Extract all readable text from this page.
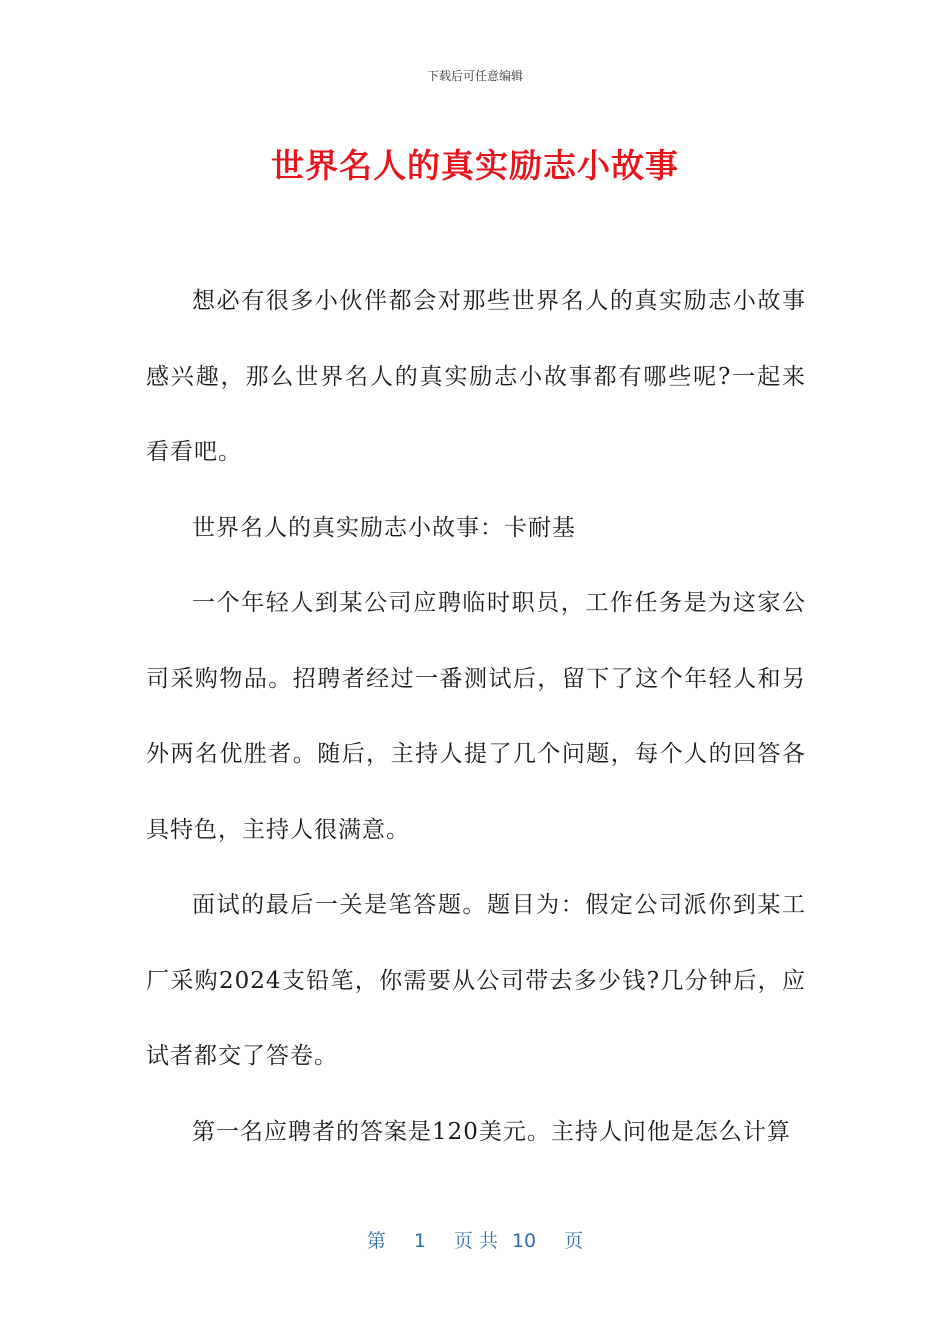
下载后可任意编辑
世界名人的真实励志小故事

想必有很多小伙伴都会对那些世界名人的真实励志小故事感兴趣，那么世界名人的真实励志小故事都有哪些呢?一起来看看吧。

世界名人的真实励志小故事：卡耐基

一个年轻人到某公司应聘临时职员，工作任务是为这家公司采购物品。招聘者经过一番测试后，留下了这个年轻人和另外两名优胜者。随后，主持人提了几个问题，每个人的回答各具特色，主持人很满意。

面试的最后一关是笔答题。题目为：假定公司派你到某工厂采购2024支铅笔，你需要从公司带去多少钱?几分钟后，应试者都交了答卷。

第一名应聘者的答案是120美元。主持人问他是怎么计算

第 1 页 共 10 页
